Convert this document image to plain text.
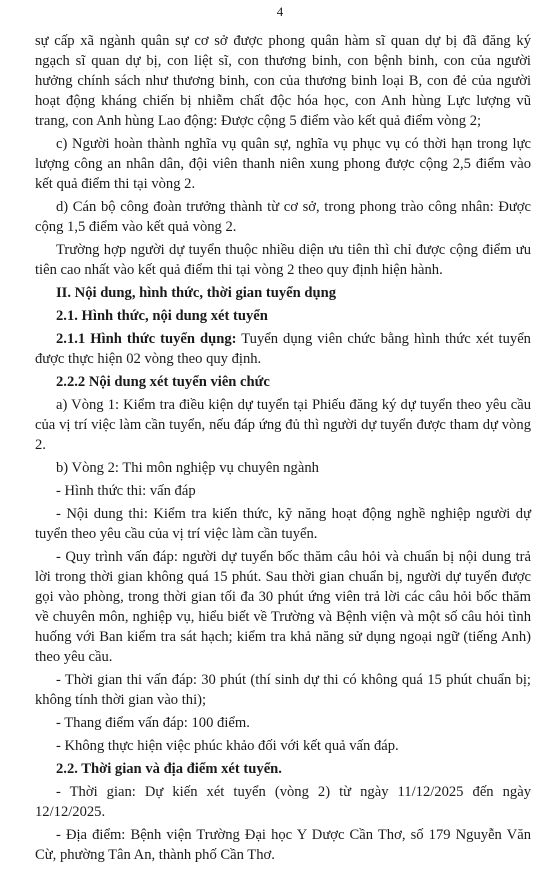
4

sự cấp xã ngành quân sự cơ sở được phong quân hàm sĩ quan dự bị đã đăng ký ngạch sĩ quan dự bị, con liệt sĩ, con thương binh, con bệnh binh, con của người hưởng chính sách như thương binh, con của thương binh loại B, con đẻ của người hoạt động kháng chiến bị nhiễm chất độc hóa học, con Anh hùng Lực lượng vũ trang, con Anh hùng Lao động: Được cộng 5 điểm vào kết quả điểm vòng 2;

c) Người hoàn thành nghĩa vụ quân sự, nghĩa vụ phục vụ có thời hạn trong lực lượng công an nhân dân, đội viên thanh niên xung phong được cộng 2,5 điểm vào kết quả điểm thi tại vòng 2.

d) Cán bộ công đoàn trưởng thành từ cơ sở, trong phong trào công nhân: Được cộng 1,5 điểm vào kết quả vòng 2.

Trường hợp người dự tuyển thuộc nhiều diện ưu tiên thì chỉ được cộng điểm ưu tiên cao nhất vào kết quả điểm thi tại vòng 2 theo quy định hiện hành.

II. Nội dung, hình thức, thời gian tuyển dụng

2.1. Hình thức, nội dung xét tuyển

2.1.1 Hình thức tuyển dụng: Tuyển dụng viên chức bằng hình thức xét tuyển được thực hiện 02 vòng theo quy định.

2.2.2 Nội dung xét tuyển viên chức

a) Vòng 1: Kiểm tra điều kiện dự tuyển tại Phiếu đăng ký dự tuyển theo yêu cầu của vị trí việc làm cần tuyển, nếu đáp ứng đủ thì người dự tuyển được tham dự vòng 2.

b) Vòng 2: Thi môn nghiệp vụ chuyên ngành

- Hình thức thi: vấn đáp

- Nội dung thi: Kiểm tra kiến thức, kỹ năng hoạt động nghề nghiệp người dự tuyển theo yêu cầu của vị trí việc làm cần tuyển.

- Quy trình vấn đáp: người dự tuyển bốc thăm câu hỏi và chuẩn bị nội dung trả lời trong thời gian không quá 15 phút. Sau thời gian chuẩn bị, người dự tuyển được gọi vào phòng, trong thời gian tối đa 30 phút ứng viên trả lời các câu hỏi bốc thăm về chuyên môn, nghiệp vụ, hiểu biết về Trường và Bệnh viện và một số câu hỏi tình huống với Ban kiểm tra sát hạch; kiểm tra khả năng sử dụng ngoại ngữ (tiếng Anh) theo yêu cầu.

- Thời gian thi vấn đáp: 30 phút (thí sinh dự thi có không quá 15 phút chuẩn bị; không tính thời gian vào thi);

- Thang điểm vấn đáp: 100 điểm.

- Không thực hiện việc phúc khảo đối với kết quả vấn đáp.

2.2. Thời gian và địa điểm xét tuyển.

- Thời gian: Dự kiến xét tuyển (vòng 2) từ ngày 11/12/2025 đến ngày 12/12/2025.

- Địa điểm: Bệnh viện Trường Đại học Y Dược Cần Thơ, số 179 Nguyễn Văn Cừ, phường Tân An, thành phố Cần Thơ.
